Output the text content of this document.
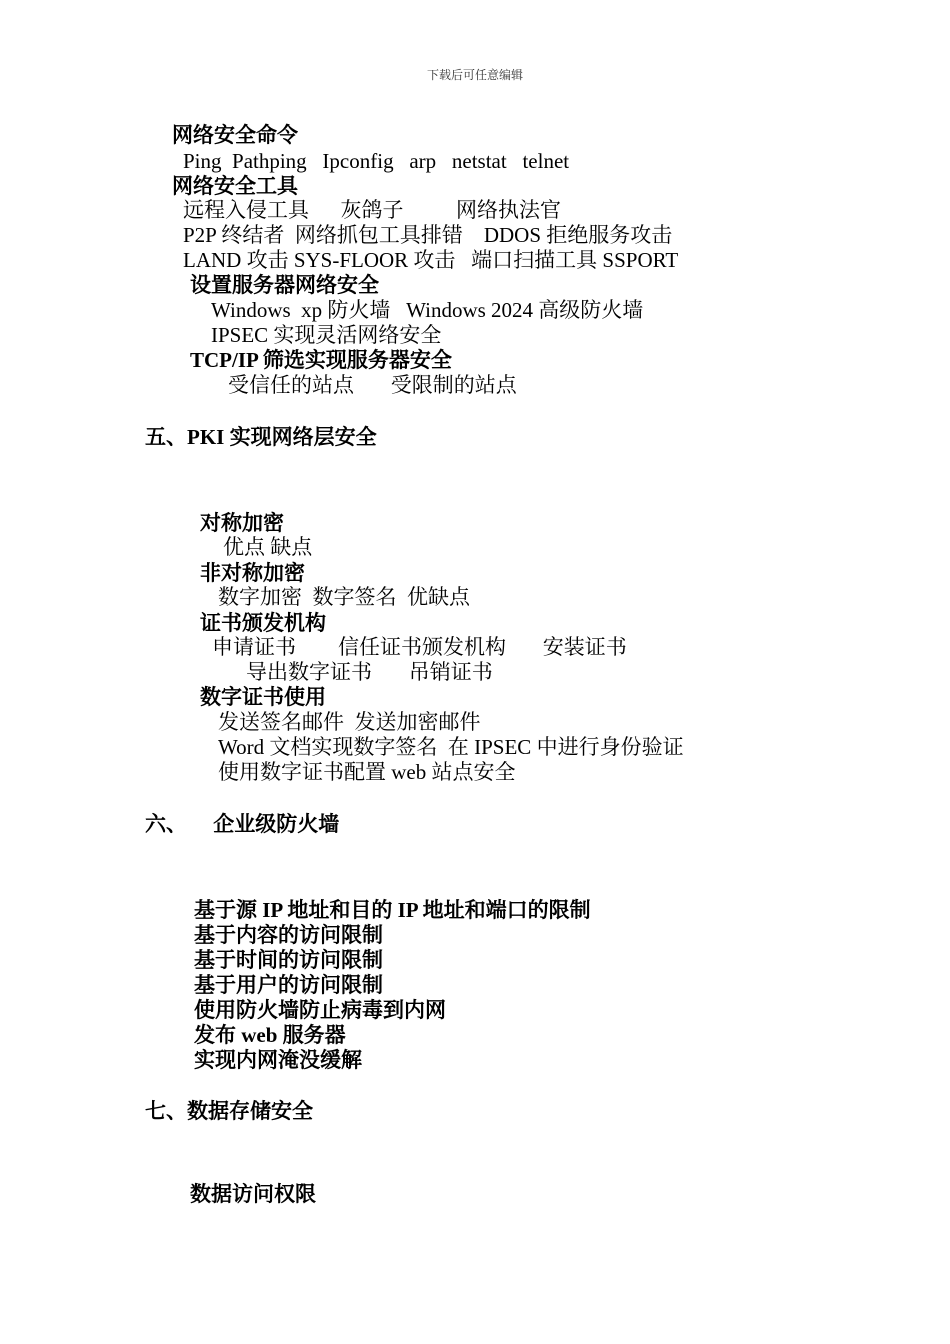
下载后可任意编辑
网络安全命令
Ping  Pathping   Ipconfig   arp   netstat   telnet
网络安全工具
远程入侵工具      灰鸽子          网络执法官
P2P 终结者  网络抓包工具排错    DDOS 拒绝服务攻击
LAND 攻击 SYS-FLOOR 攻击   端口扫描工具 SSPORT
设置服务器网络安全
Windows  xp 防火墙   Windows 2024 高级防火墙
IPSEC 实现灵活网络安全
TCP/IP 筛选实现服务器安全
受信任的站点       受限制的站点
五、PKI 实现网络层安全
对称加密
优点 缺点
非对称加密
数字加密  数字签名  优缺点
证书颁发机构
申请证书        信任证书颁发机构       安装证书
导出数字证书       吊销证书
数字证书使用
发送签名邮件  发送加密邮件
Word 文档实现数字签名  在 IPSEC 中进行身份验证
使用数字证书配置 web 站点安全
六、     企业级防火墙
基于源 IP 地址和目的 IP 地址和端口的限制
基于内容的访问限制
基于时间的访问限制
基于用户的访问限制
使用防火墙防止病毒到内网
发布 web 服务器
实现内网淹没缓解
七、数据存储安全
数据访问权限
